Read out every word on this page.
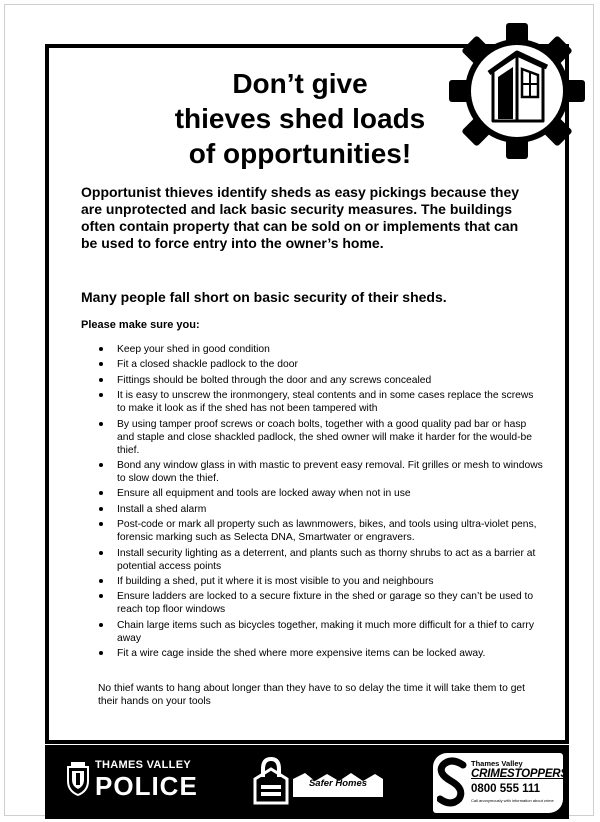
Don’t give
thieves shed loads
of opportunities!
Opportunist thieves identify sheds as easy pickings because they are unprotected and lack basic security measures. The buildings often contain property that can be sold on or implements that can be used to force entry into the owner’s home.
Many people fall short on basic security of their sheds.
Please make sure you:
Keep your shed in good condition
Fit a closed shackle padlock to the door
Fittings should be bolted through the door and any screws concealed
It is easy to unscrew the ironmongery, steal contents and in some cases replace the screws to make it look as if the shed has not been tampered with
By using tamper proof screws or coach bolts, together with a good quality pad bar or hasp and staple and close shackled padlock, the shed owner will make it harder for the would-be thief.
Bond any window glass in with mastic to prevent easy removal. Fit grilles or mesh to windows to slow down the thief.
Ensure all equipment and tools are locked away when not in use
Install a shed alarm
Post-code or mark all property such as lawnmowers, bikes, and tools using ultra-violet pens, forensic marking such as Selecta DNA, Smartwater or engravers.
Install security lighting as a deterrent, and plants such as thorny shrubs to act as a barrier at potential access points
If building a shed, put it where it is most visible to you and neighbours
Ensure ladders are locked to a secure fixture in the shed or garage so they can’t be used to reach top floor windows
Chain large items such as bicycles together, making it much more difficult for a thief to carry away
Fit a wire cage inside the shed where more expensive items can be locked away.
No thief wants to hang about longer than they have to so delay the time it will take them to get their hands on your tools
THAMES VALLEY
POLICE	Safer Homes
Thames Valley
CRIMESTOPPERS
0800 555 111
Call anonymously with information about crime
